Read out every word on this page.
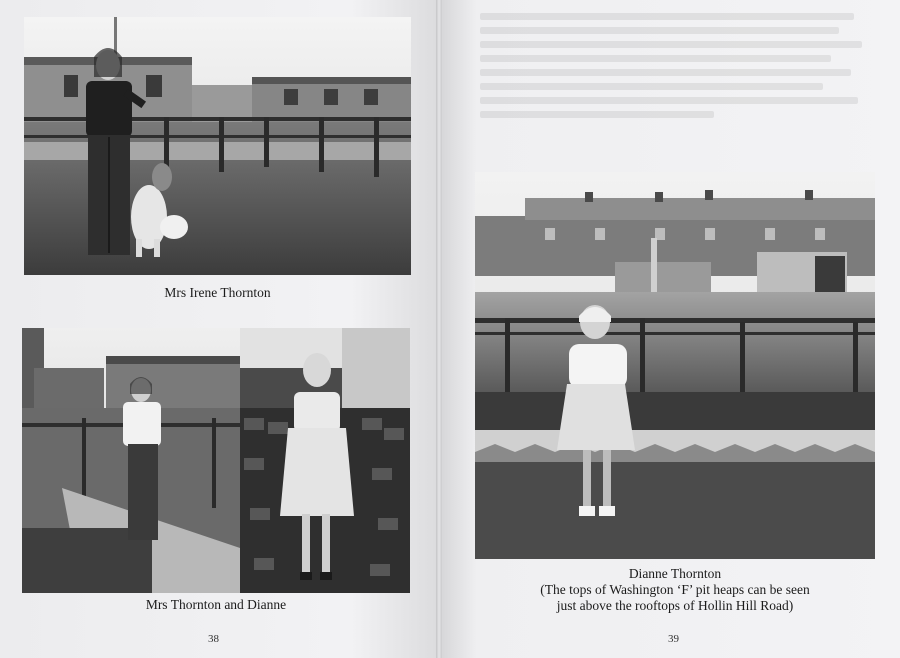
Mrs Irene Thornton
Mrs Thornton and Dianne
38
Dianne Thornton
(The tops of Washington ‘F’ pit heaps can be seen
just above the rooftops of Hollin Hill Road)
39
